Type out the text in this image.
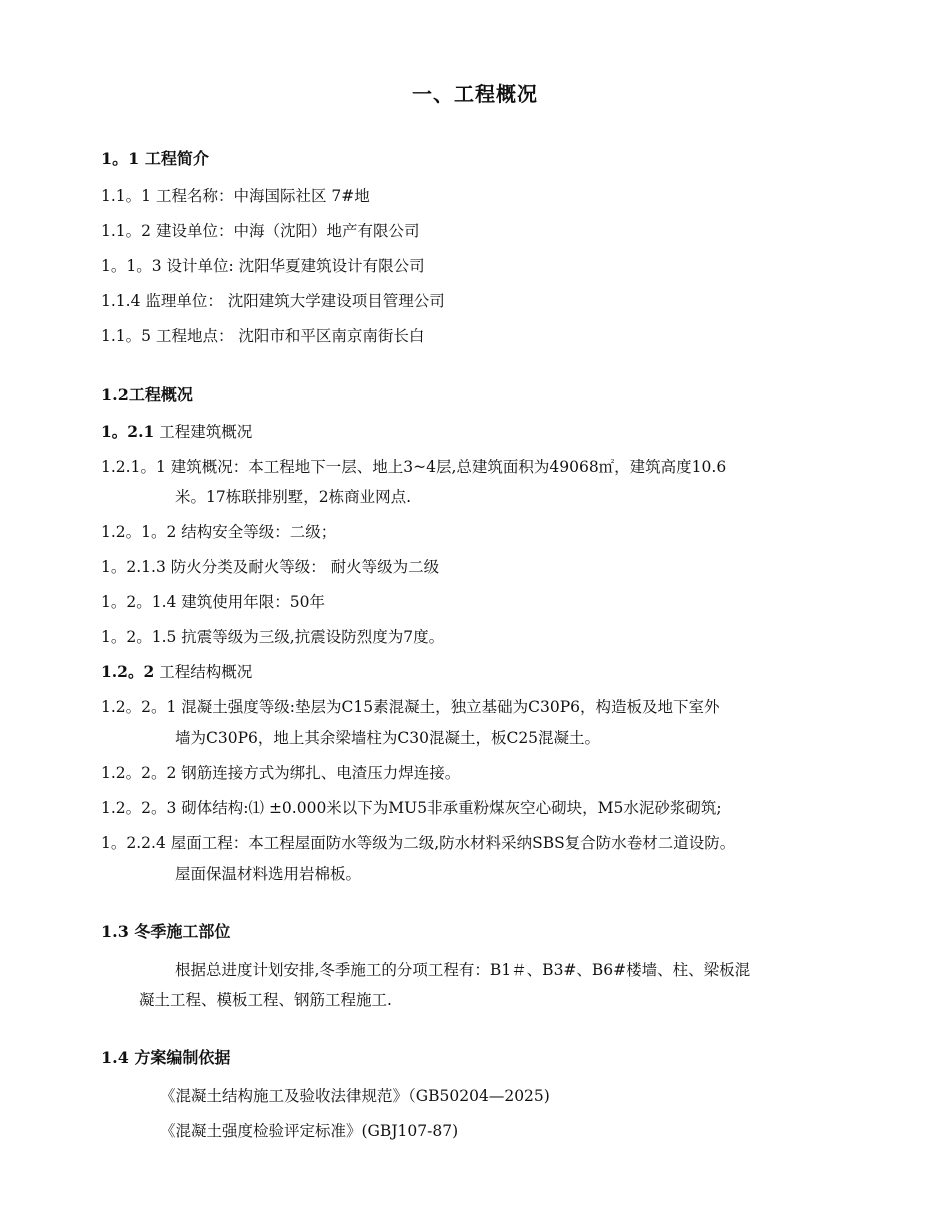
一、工程概况
1。1 工程简介
1.1。1 工程名称：中海国际社区 7#地
1.1。2 建设单位：中海（沈阳）地产有限公司
1。1。3 设计单位: 沈阳华夏建筑设计有限公司
1.1.4 监理单位： 沈阳建筑大学建设项目管理公司
1.1。5 工程地点： 沈阳市和平区南京南街长白
1.2工程概况
1。2.1 工程建筑概况
1.2.1。1 建筑概况：本工程地下一层、地上3~4层,总建筑面积为49068㎡，建筑高度10.6
米。17栋联排别墅，2栋商业网点.
1.2。1。2 结构安全等级：二级；
1。2.1.3 防火分类及耐火等级： 耐火等级为二级
1。2。1.4 建筑使用年限：50年
1。2。1.5 抗震等级为三级,抗震设防烈度为7度。
1.2。2 工程结构概况
1.2。2。1 混凝土强度等级:垫层为C15素混凝土，独立基础为C30P6，构造板及地下室外
墙为C30P6，地上其余梁墙柱为C30混凝土，板C25混凝土。
1.2。2。2 钢筋连接方式为绑扎、电渣压力焊连接。
1.2。2。3 砌体结构:⑴ ±0.000米以下为MU5非承重粉煤灰空心砌块，M5水泥砂浆砌筑;
1。2.2.4 屋面工程：本工程屋面防水等级为二级,防水材料采纳SBS复合防水卷材二道设防。
屋面保温材料选用岩棉板。
1.3 冬季施工部位
根据总进度计划安排,冬季施工的分项工程有：B1＃、B3#、B6#楼墙、柱、梁板混
凝土工程、模板工程、钢筋工程施工.
1.4 方案编制依据
《混凝土结构施工及验收法律规范》（GB50204—2025)
《混凝土强度检验评定标准》(GBJ107-87)
